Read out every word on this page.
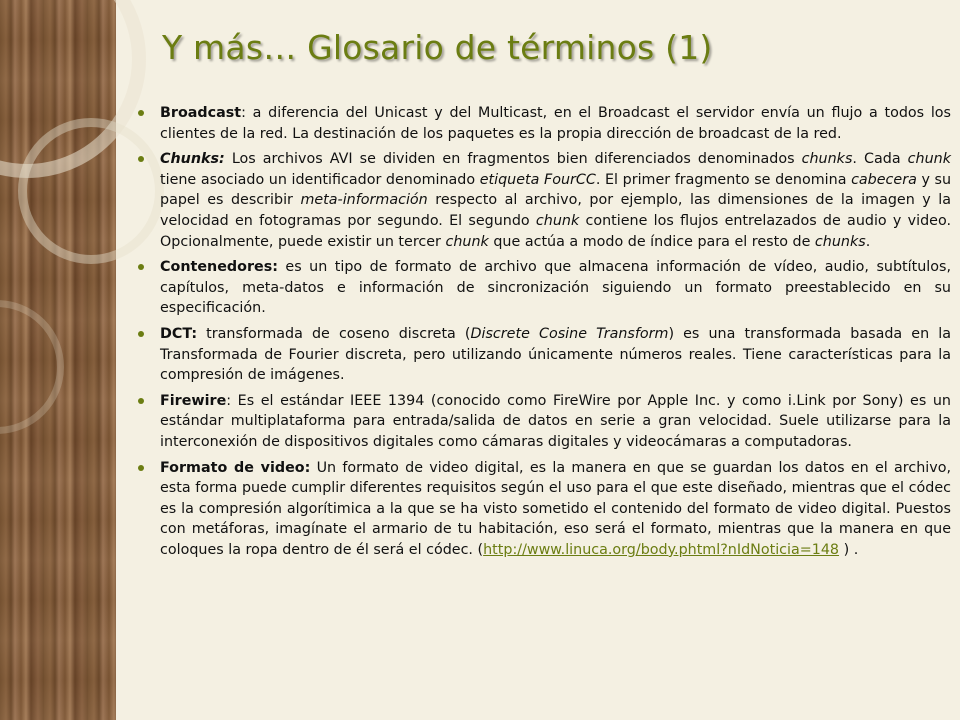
Y más… Glosario de términos (1)
Broadcast: a diferencia del Unicast y del Multicast, en el Broadcast el servidor envía un flujo a todos los clientes de la red. La destinación de los paquetes es la propia dirección de broadcast de la red.
Chunks: Los archivos AVI se dividen en fragmentos bien diferenciados denominados chunks. Cada chunk tiene asociado un identificador denominado etiqueta FourCC. El primer fragmento se denomina cabecera y su papel es describir meta-información respecto al archivo, por ejemplo, las dimensiones de la imagen y la velocidad en fotogramas por segundo. El segundo chunk contiene los flujos entrelazados de audio y video. Opcionalmente, puede existir un tercer chunk que actúa a modo de índice para el resto de chunks.
Contenedores: es un tipo de formato de archivo que almacena información de vídeo, audio, subtítulos, capítulos, meta-datos e información de sincronización siguiendo un formato preestablecido en su especificación.
DCT: transformada de coseno discreta (Discrete Cosine Transform) es una transformada basada en la Transformada de Fourier discreta, pero utilizando únicamente números reales. Tiene características para la compresión de imágenes.
Firewire: Es el estándar IEEE 1394 (conocido como FireWire por Apple Inc. y como i.Link por Sony) es un estándar multiplataforma para entrada/salida de datos en serie a gran velocidad. Suele utilizarse para la interconexión de dispositivos digitales como cámaras digitales y videocámaras a computadoras.
Formato de video: Un formato de video digital, es la manera en que se guardan los datos en el archivo, esta forma puede cumplir diferentes requisitos según el uso para el que este diseñado, mientras que el códec es la compresión algorítimica a la que se ha visto sometido el contenido del formato de video digital. Puestos con metáforas, imagínate el armario de tu habitación, eso será el formato, mientras que la manera en que coloques la ropa dentro de él será el códec. (http://www.linuca.org/body.phtml?nIdNoticia=148 ) .
